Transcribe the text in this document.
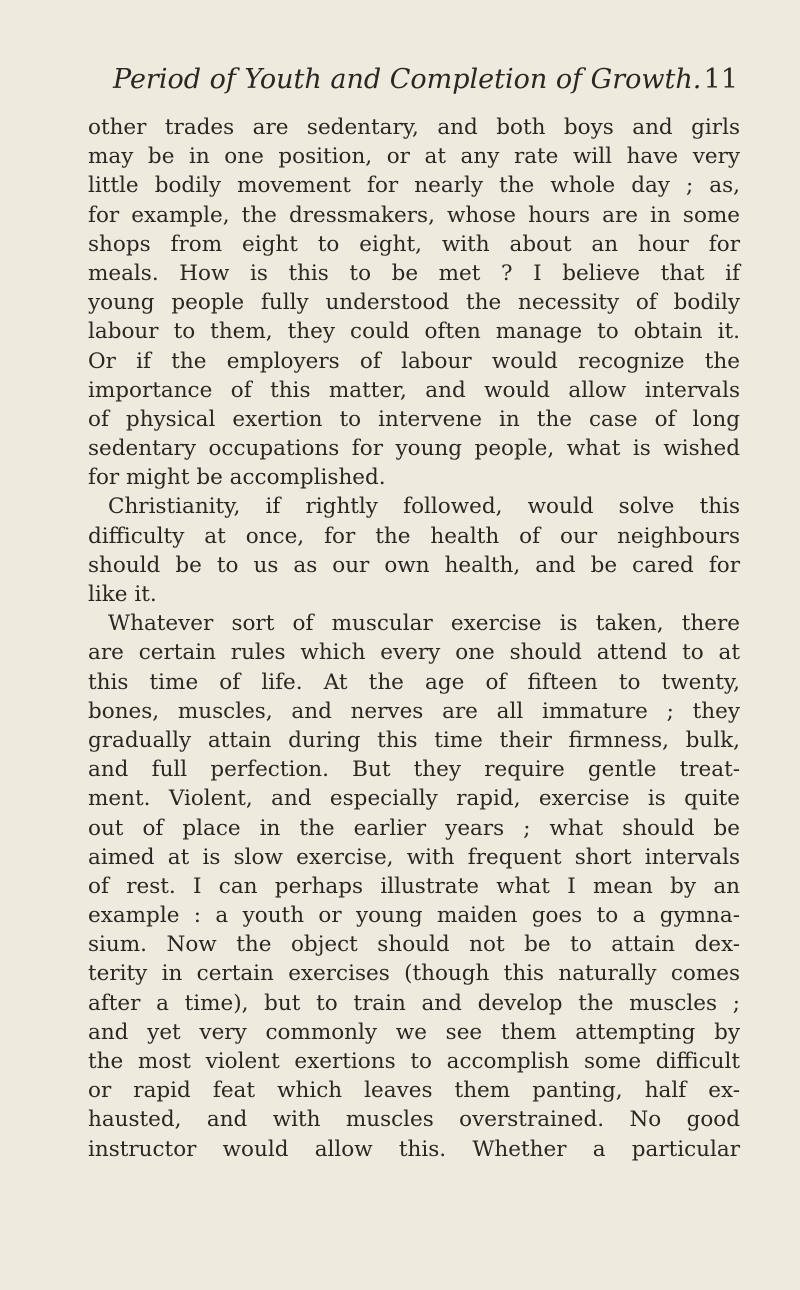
Period of Youth and Completion of Growth. 11
other trades are sedentary, and both boys and girls
may be in one position, or at any rate will have very
little bodily movement for nearly the whole day ; as,
for example, the dressmakers, whose hours are in some
shops from eight to eight, with about an hour for
meals. How is this to be met ? I believe that if
young people fully understood the necessity of bodily
labour to them, they could often manage to obtain it.
Or if the employers of labour would recognize the
importance of this matter, and would allow intervals
of physical exertion to intervene in the case of long
sedentary occupations for young people, what is wished
for might be accomplished.
Christianity, if rightly followed, would solve this
difficulty at once, for the health of our neighbours
should be to us as our own health, and be cared for
like it.
Whatever sort of muscular exercise is taken, there
are certain rules which every one should attend to at
this time of life. At the age of fifteen to twenty,
bones, muscles, and nerves are all immature ; they
gradually attain during this time their firmness, bulk,
and full perfection. But they require gentle treat-
ment. Violent, and especially rapid, exercise is quite
out of place in the earlier years ; what should be
aimed at is slow exercise, with frequent short intervals
of rest. I can perhaps illustrate what I mean by an
example : a youth or young maiden goes to a gymna-
sium. Now the object should not be to attain dex-
terity in certain exercises (though this naturally comes
after a time), but to train and develop the muscles ;
and yet very commonly we see them attempting by
the most violent exertions to accomplish some difficult
or rapid feat which leaves them panting, half ex-
hausted, and with muscles overstrained. No good
instructor would allow this. Whether a particular
